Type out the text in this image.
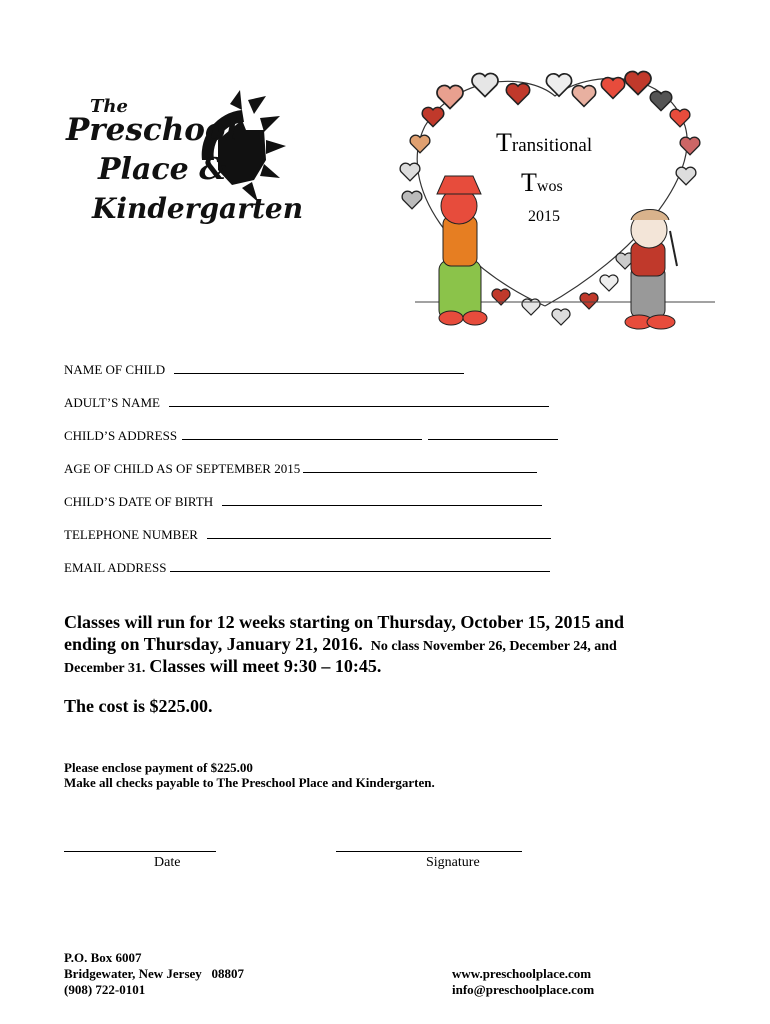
The
Preschool
Place &
Kindergarten
Transitional
Twos
2015
NAME OF CHILD
ADULT’S NAME
CHILD’S ADDRESS
AGE OF CHILD AS OF SEPTEMBER 2015
CHILD’S DATE OF BIRTH
TELEPHONE NUMBER
EMAIL ADDRESS
Classes will run for 12 weeks starting on Thursday, October 15, 2015 and
ending on Thursday, January 21, 2016. No class November 26, December 24, and
December 31. Classes will meet 9:30 – 10:45.
The cost is $225.00.
Please enclose payment of $225.00
Make all checks payable to The Preschool Place and Kindergarten.
Date	Signature
P.O. Box 6007
Bridgewater, New Jersey   08807
(908) 722-0101
www.preschoolplace.com
info@preschoolplace.com
